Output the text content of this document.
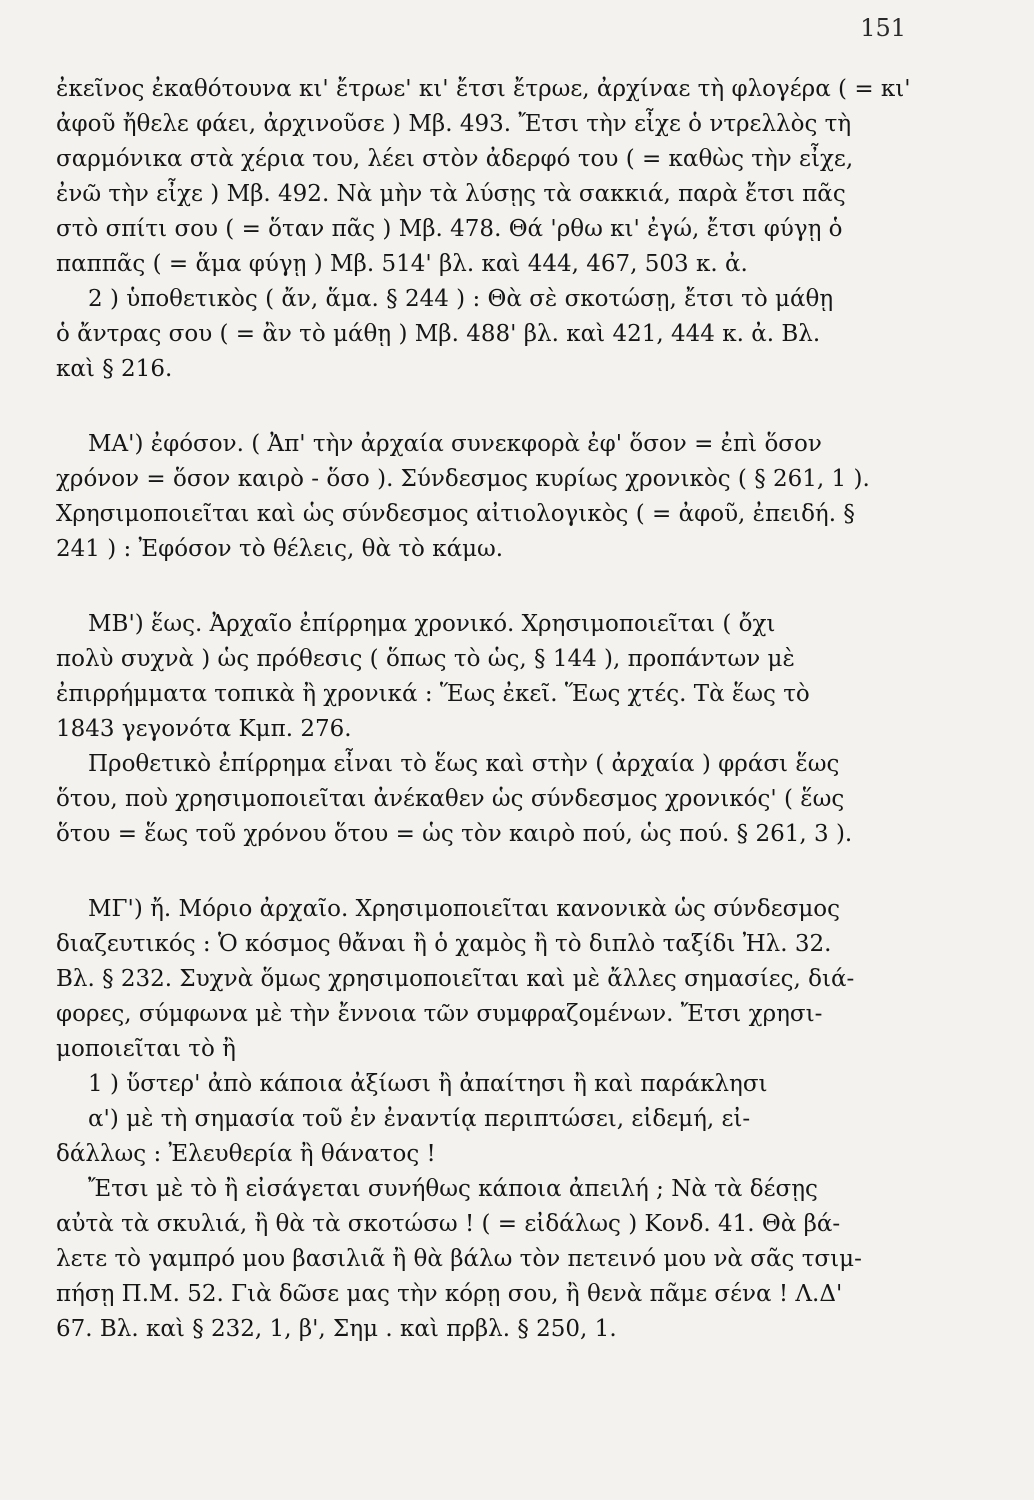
151
ἐκεῖνος ἐκαθότουνα κι' ἔτρωε' κι' ἔτσι ἔτρωε, ἀρχίναε τὴ φλογέρα ( = κι'
ἀφοῦ ἤθελε φάει, ἀρχινοῦσε ) Μβ. 493. Ἔτσι τὴν εἶχε ὁ ντρελλὸς τὴ
σαρμόνικα στὰ χέρια του, λέει στὸν ἀδερφό του ( = καθὼς τὴν εἶχε,
ἐνῶ τὴν εἶχε ) Μβ. 492. Νὰ μὴν τὰ λύσῃς τὰ σακκιά, παρὰ ἔτσι πᾶς
στὸ σπίτι σου ( = ὅταν πᾶς ) Μβ. 478. Θά 'ρθω κι' ἐγώ, ἔτσι φύγῃ ὁ
παππᾶς ( = ἅμα φύγῃ ) Μβ. 514' βλ. καὶ 444, 467, 503 κ. ἀ.
2 ) ὑποθετικὸς ( ἄν, ἅμα. § 244 ) : Θὰ σὲ σκοτώσῃ, ἔτσι τὸ μάθῃ
ὁ ἄντρας σου ( = ἂν τὸ μάθῃ ) Μβ. 488' βλ. καὶ 421, 444 κ. ἀ. Βλ.
καὶ § 216.
ΜΑ') ἐφόσον. ( Ἀπ' τὴν ἀρχαία συνεκφορὰ ἐφ' ὅσον = ἐπὶ ὅσον
χρόνον = ὅσον καιρὸ - ὅσο ). Σύνδεσμος κυρίως χρονικὸς ( § 261, 1 ).
Χρησιμοποιεῖται καὶ ὡς σύνδεσμος αἰτιολογικὸς ( = ἀφοῦ, ἐπειδή. §
241 ) : Ἐφόσον τὸ θέλεις, θὰ τὸ κάμω.
ΜΒ') ἕως. Ἀρχαῖο ἐπίρρημα χρονικό. Χρησιμοποιεῖται ( ὄχι
πολὺ συχνὰ ) ὡς πρόθεσις ( ὅπως τὸ ὡς, § 144 ), προπάντων μὲ
ἐπιρρήμματα τοπικὰ ἢ χρονικά : Ἕως ἐκεῖ. Ἕως χτές. Τὰ ἕως τὸ
1843 γεγονότα Κμπ. 276.
Προθετικὸ ἐπίρρημα εἶναι τὸ ἕως καὶ στὴν ( ἀρχαία ) φράσι ἕως
ὅτου, ποὺ χρησιμοποιεῖται ἀνέκαθεν ὡς σύνδεσμος χρονικός' ( ἕως
ὅτου = ἕως τοῦ χρόνου ὅτου = ὡς τὸν καιρὸ πού, ὡς πού. § 261, 3 ).
ΜΓ') ἤ. Μόριο ἀρχαῖο. Χρησιμοποιεῖται κανονικὰ ὡς σύνδεσμος
διαζευτικός : Ὁ κόσμος θἄναι ἢ ὁ χαμὸς ἢ τὸ διπλὸ ταξίδι Ἠλ. 32.
Βλ. § 232. Συχνὰ ὅμως χρησιμοποιεῖται καὶ μὲ ἄλλες σημασίες, διά-
φορες, σύμφωνα μὲ τὴν ἔννοια τῶν συμφραζομένων. Ἔτσι χρησι-
μοποιεῖται τὸ ἢ
1 ) ὕστερ' ἀπὸ κάποια ἀξίωσι ἢ ἀπαίτησι ἢ καὶ παράκλησι
α') μὲ τὴ σημασία τοῦ ἐν ἐναντίᾳ περιπτώσει, εἰδεμή, εἰ-
δάλλως : Ἐλευθερία ἢ θάνατος !
Ἔτσι μὲ τὸ ἢ εἰσάγεται συνήθως κάποια ἀπειλή ; Νὰ τὰ δέσῃς
αὐτὰ τὰ σκυλιά, ἢ θὰ τὰ σκοτώσω ! ( = εἰδάλως ) Κονδ. 41. Θὰ βά-
λετε τὸ γαμπρό μου βασιλιᾶ ἢ θὰ βάλω τὸν πετεινό μου νὰ σᾶς τσιμ-
πήσῃ Π.Μ. 52. Γιὰ δῶσε μας τὴν κόρῃ σου, ἢ θενὰ πᾶμε σένα ! Λ.Δ'
67. Βλ. καὶ § 232, 1, β', Σημ . καὶ πρβλ. § 250, 1.
